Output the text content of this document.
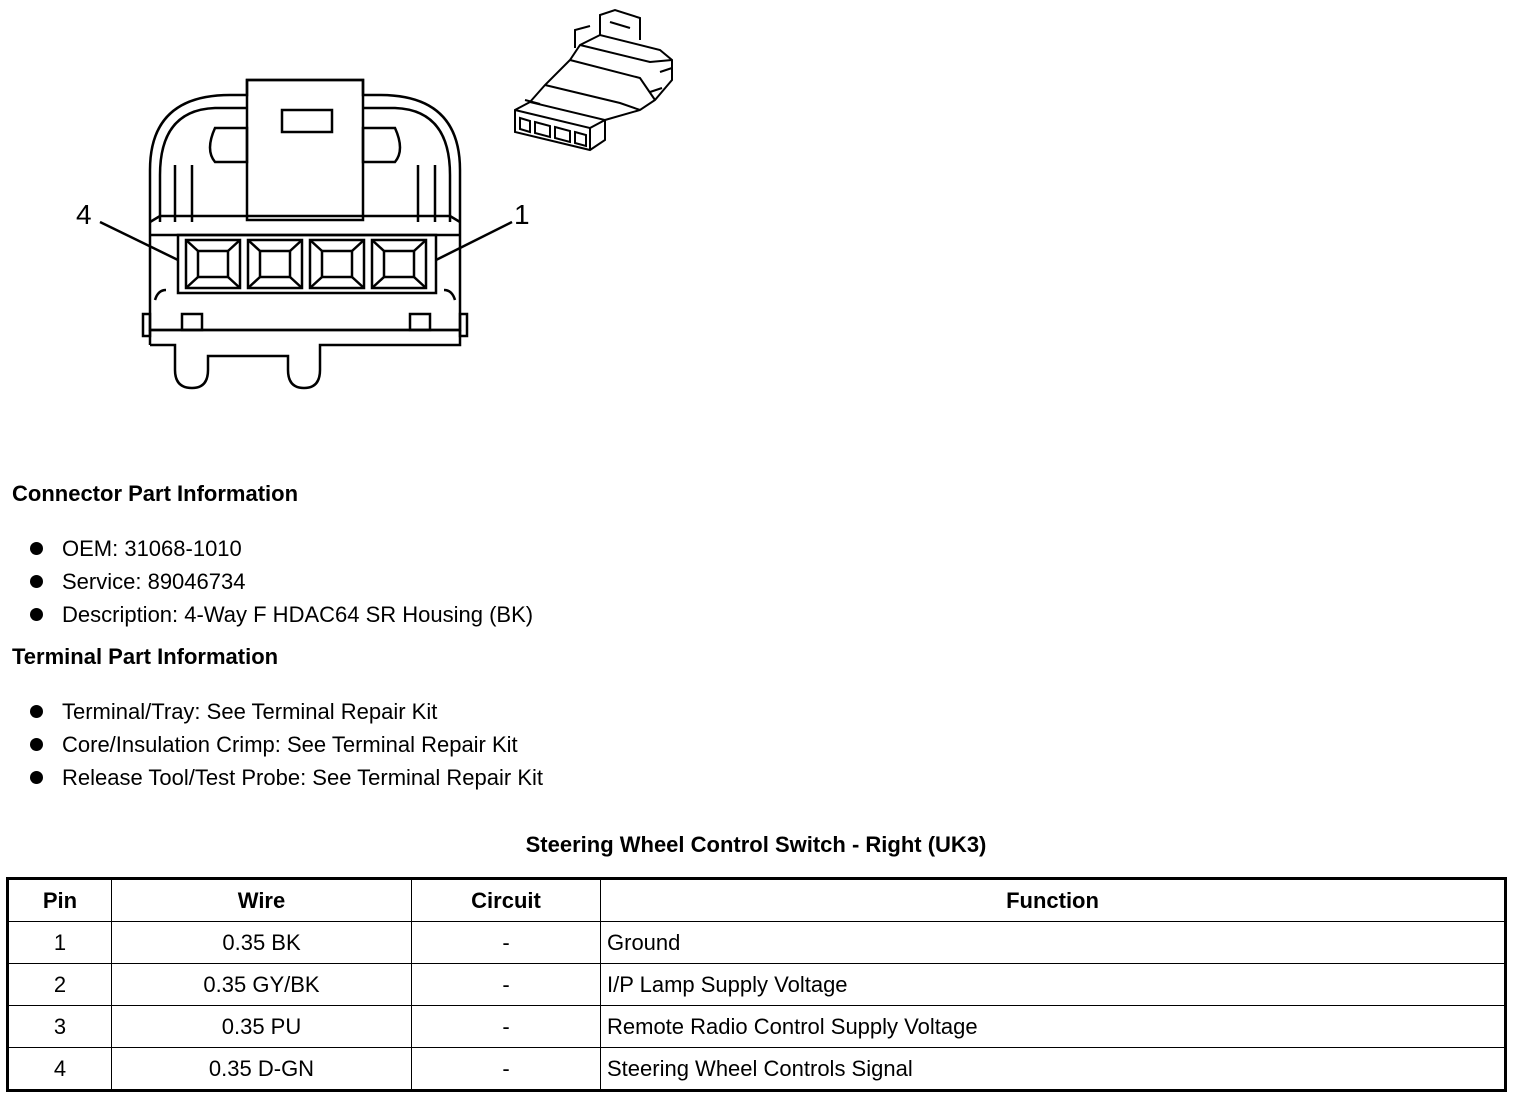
4	1
Connector Part Information
OEM: 31068-1010
Service: 89046734
Description: 4-Way F HDAC64 SR Housing (BK)
Terminal Part Information
Terminal/Tray: See Terminal Repair Kit
Core/Insulation Crimp: See Terminal Repair Kit
Release Tool/Test Probe: See Terminal Repair Kit
Steering Wheel Control Switch - Right (UK3)
Pin	Wire	Circuit	Function
1	0.35 BK	-	Ground
2	0.35 GY/BK	-	I/P Lamp Supply Voltage
3	0.35 PU	-	Remote Radio Control Supply Voltage
4	0.35 D-GN	-	Steering Wheel Controls Signal
